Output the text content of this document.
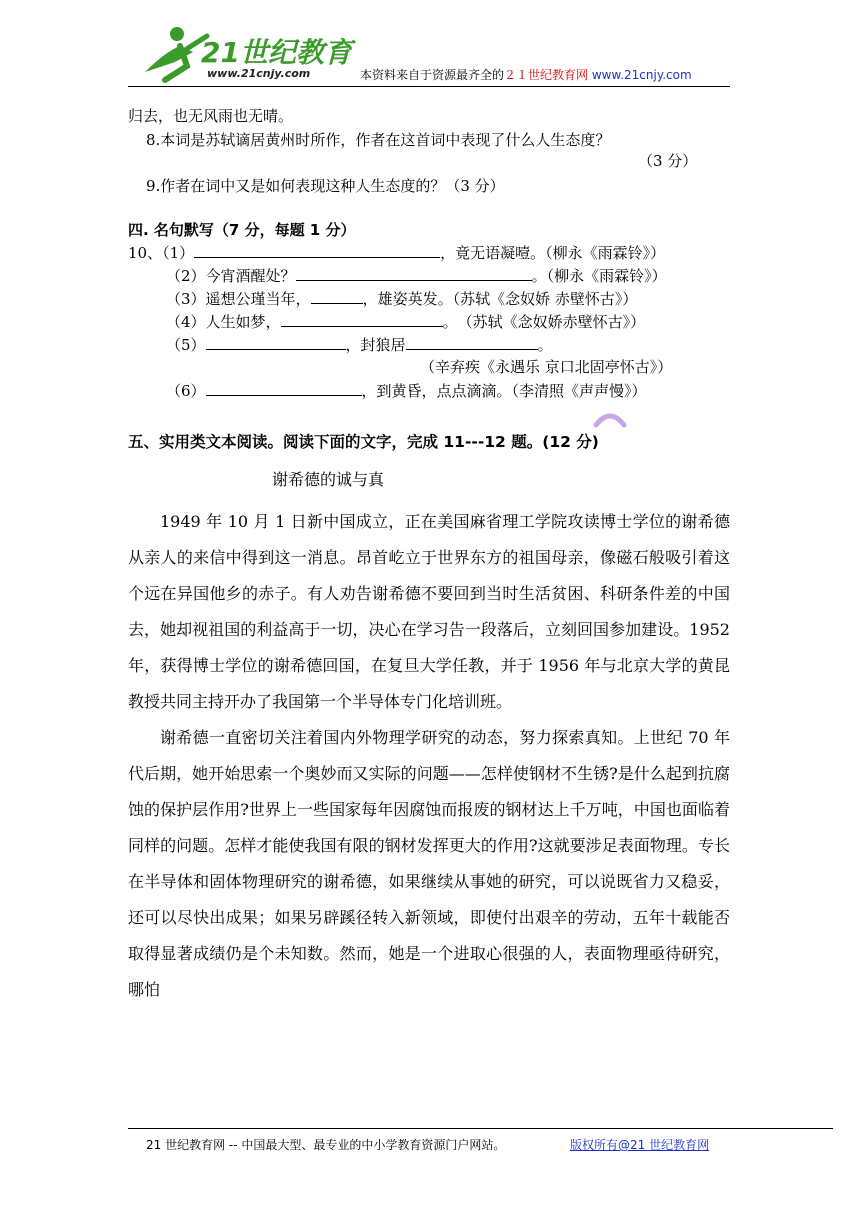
21世纪教育
www.21cnjy.com	本资料来自于资源最齐全的２１世纪教育网 www.21cnjy.com
归去，也无风雨也无晴。
8.本词是苏轼谪居黄州时所作，作者在这首词中表现了什么人生态度？
（3 分）
9.作者在词中又是如何表现这种人生态度的？（3 分）
四. 名句默写（7 分，每题 1 分）
10、（1）	，竟无语凝噎。（柳永《雨霖铃》）
（2）今宵酒醒处？	。（柳永《雨霖铃》）
（3）遥想公瑾当年，	，雄姿英发。（苏轼《念奴娇 赤壁怀古》）
（4）人生如梦，	。　（苏轼《念奴娇赤壁怀古》）
（5）	，封狼居	。
（辛弃疾《永遇乐 京口北固亭怀古》）
（6）	，到黄昏，点点滴滴。（李清照《声声慢》）
五、实用类文本阅读。阅读下面的文字，完成 11---12 题。(12 分)
谢希德的诚与真

1949 年 10 月 1 日新中国成立，正在美国麻省理工学院攻读博士学位的谢希德从亲人的来信中得到这一消息。昂首屹立于世界东方的祖国母亲，像磁石般吸引着这个远在异国他乡的赤子。有人劝告谢希德不要回到当时生活贫困、科研条件差的中国去，她却视祖国的利益高于一切，决心在学习告一段落后，立刻回国参加建设。1952 年，获得博士学位的谢希德回国，在复旦大学任教，并于 1956 年与北京大学的黄昆教授共同主持开办了我国第一个半导体专门化培训班。

谢希德一直密切关注着国内外物理学研究的动态，努力探索真知。上世纪 70 年代后期，她开始思索一个奥妙而又实际的问题——怎样使钢材不生锈?是什么起到抗腐蚀的保护层作用?世界上一些国家每年因腐蚀而报废的钢材达上千万吨，中国也面临着同样的问题。怎样才能使我国有限的钢材发挥更大的作用?这就要涉足表面物理。专长在半导体和固体物理研究的谢希德，如果继续从事她的研究，可以说既省力又稳妥，还可以尽快出成果；如果另辟蹊径转入新领域，即使付出艰辛的劳动，五年十载能否取得显著成绩仍是个未知数。然而，她是一个进取心很强的人，表面物理亟待研究，哪怕

21 世纪教育网 -- 中国最大型、最专业的中小学教育资源门户网站。	版权所有@21 世纪教育网
